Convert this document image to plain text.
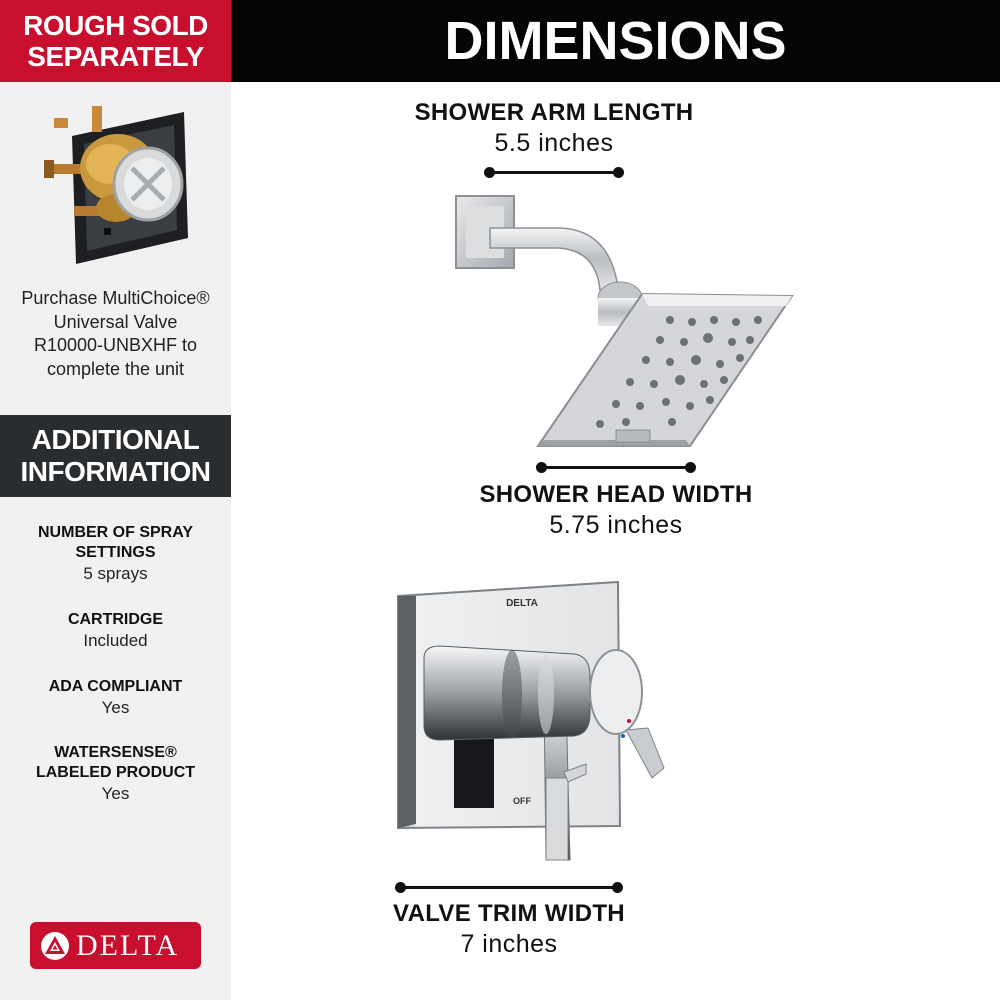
ROUGH SOLD
SEPARATELY
Purchase MultiChoice®
Universal Valve
R10000-UNBXHF to
complete the unit
ADDITIONAL
INFORMATION
NUMBER OF SPRAY
SETTINGS
5 sprays
CARTRIDGE
Included
ADA COMPLIANT
Yes
WATERSENSE®
LABELED PRODUCT
Yes
DELTA
DIMENSIONS
SHOWER ARM LENGTH
5.5 inches
SHOWER HEAD WIDTH
5.75 inches
DELTA
OFF
VALVE TRIM WIDTH
7 inches
